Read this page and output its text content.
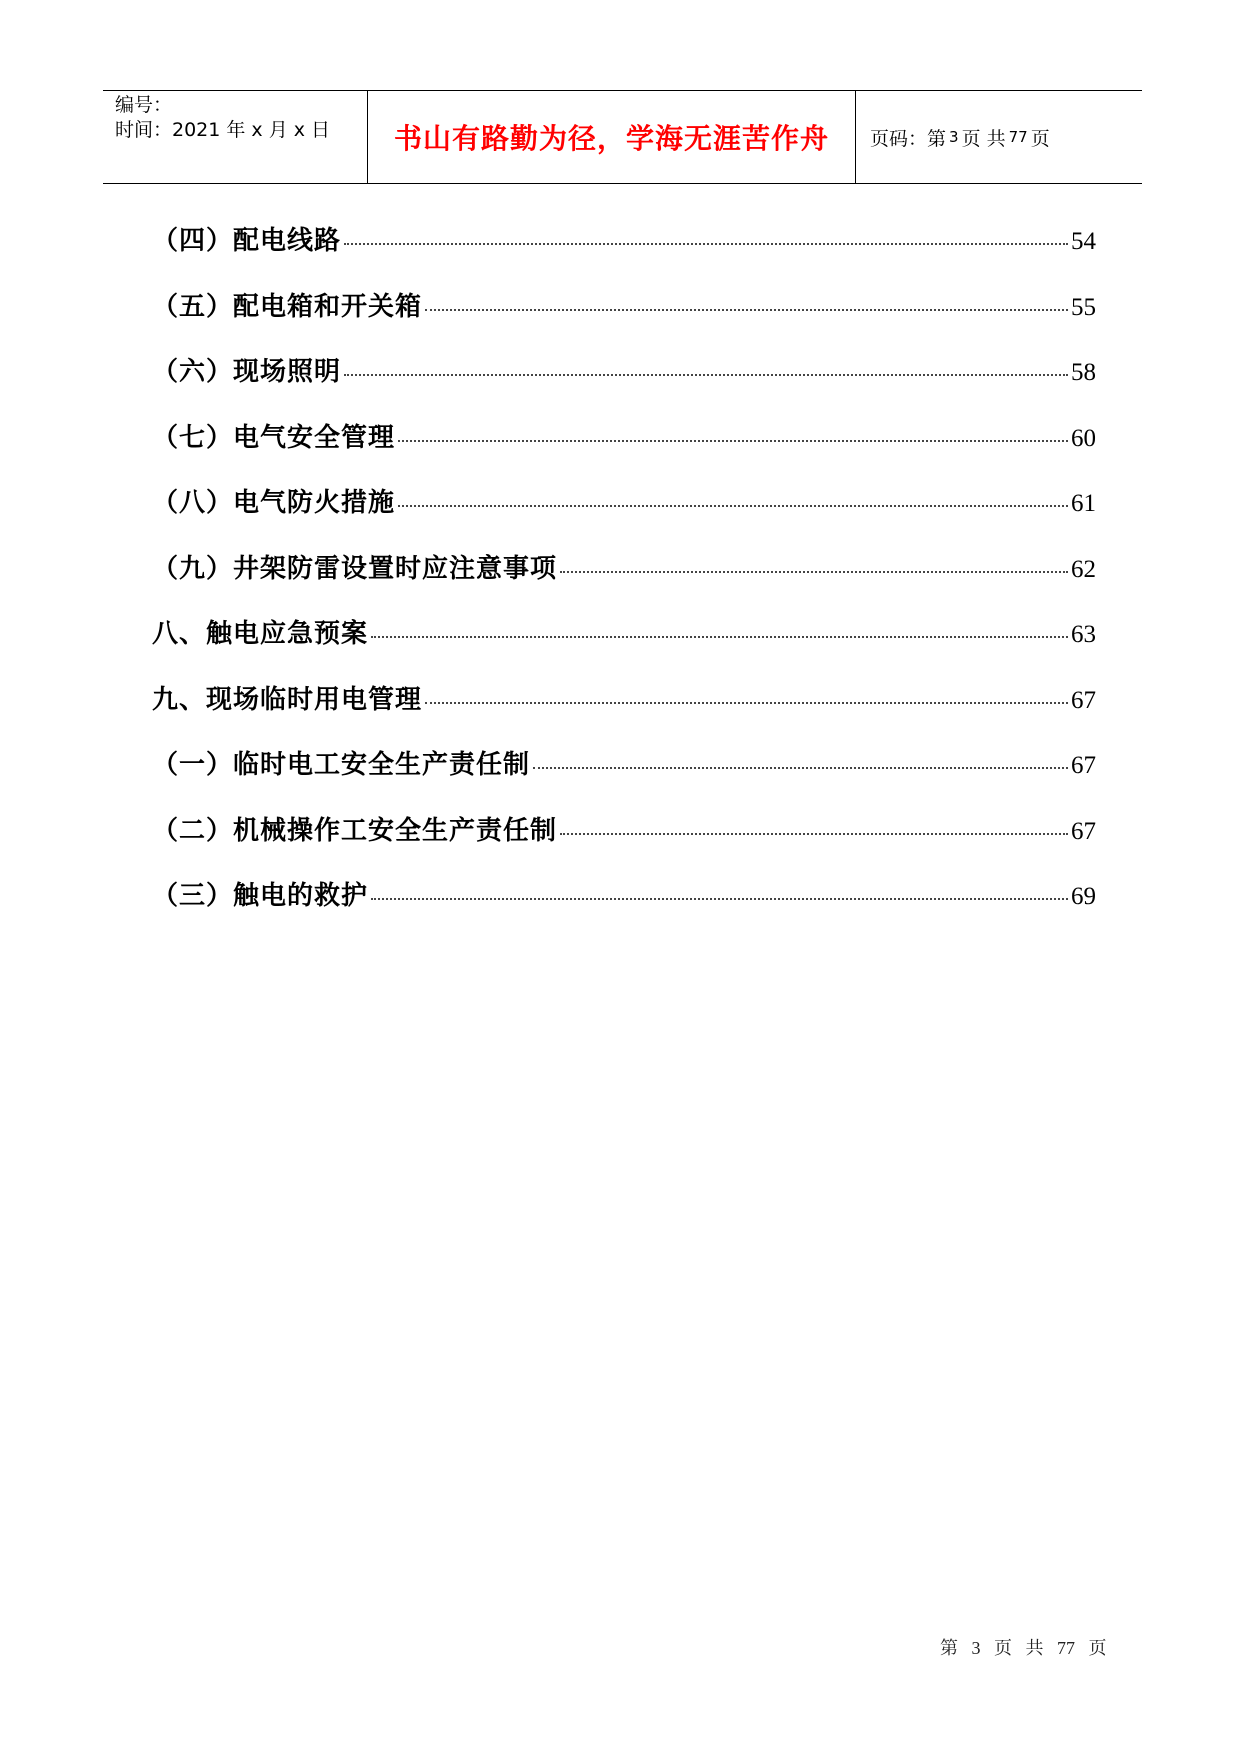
编号：
时间：2021 年 x 月 x 日	书山有路勤为径，学海无涯苦作舟 页码：第 3 页 共 77 页
（四）配电线路	54
（五）配电箱和开关箱	55
（六）现场照明	58
（七）电气安全管理	60
（八）电气防火措施	61
（九）井架防雷设置时应注意事项	62
八、触电应急预案	63
九、现场临时用电管理	67
（一）临时电工安全生产责任制	67
（二）机械操作工安全生产责任制	67
（三）触电的救护	69
第 3 页 共 77 页
